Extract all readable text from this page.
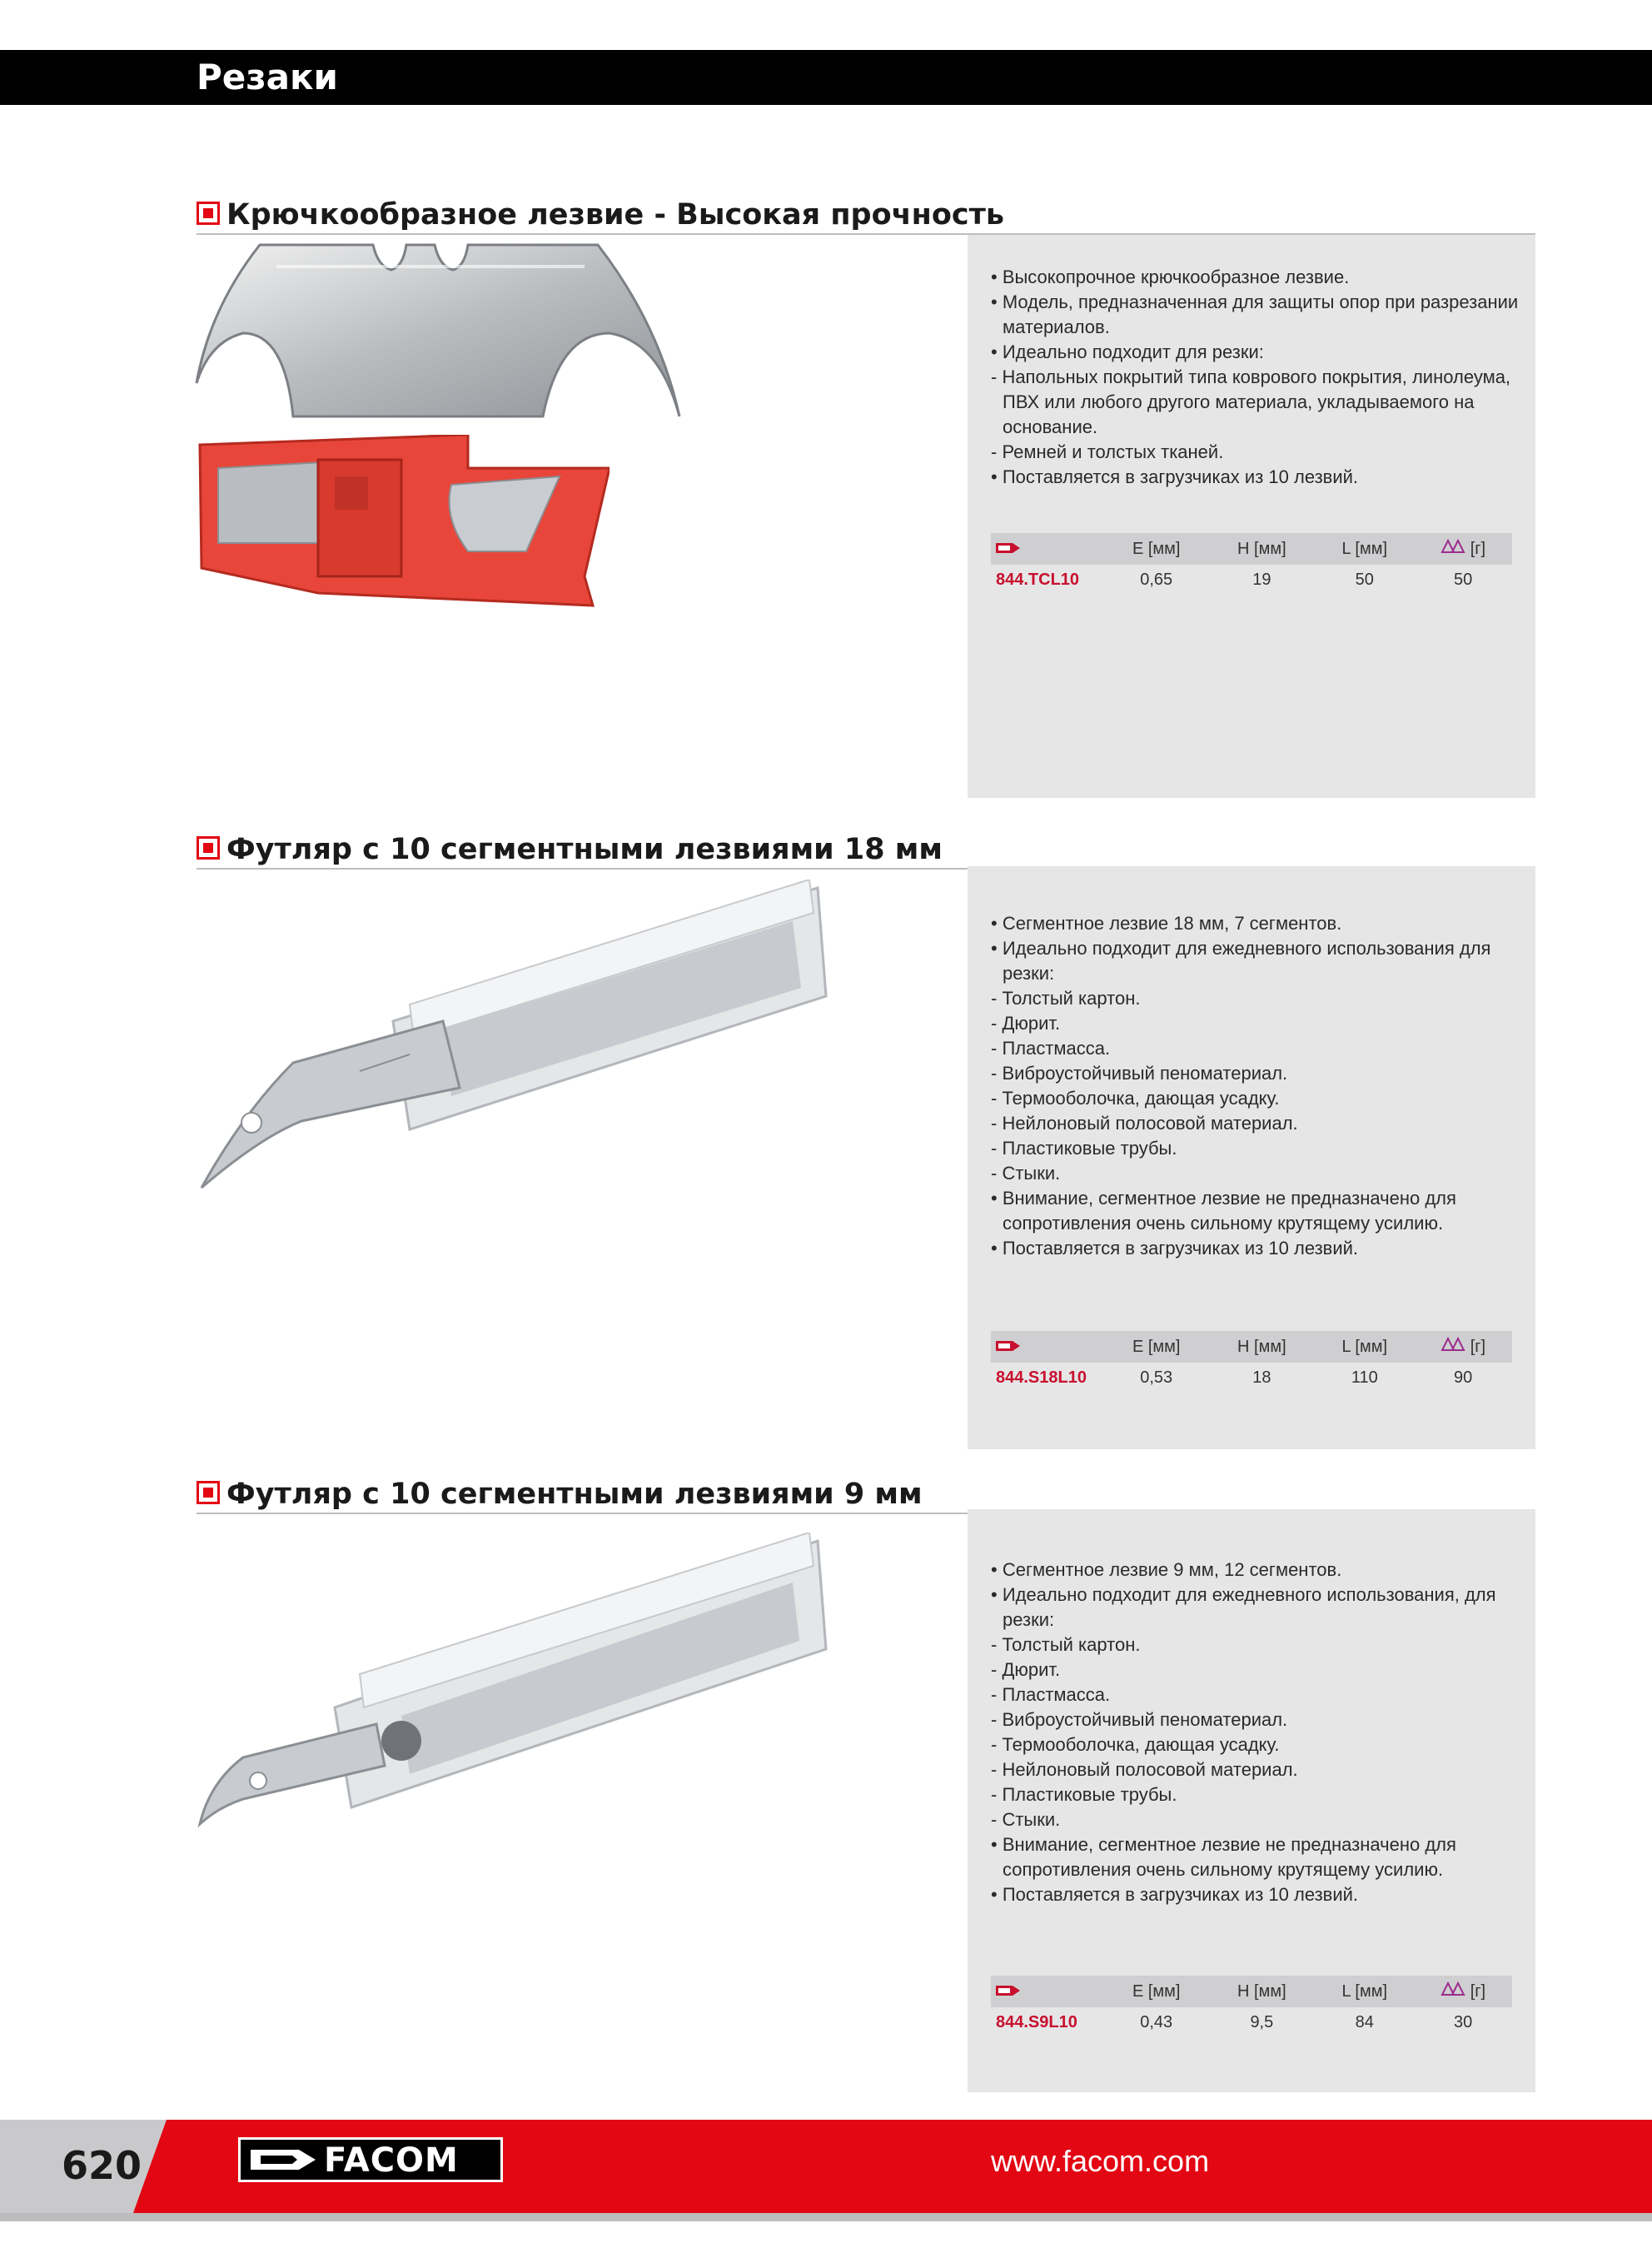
Резаки
Крючкообразное лезвие - Высокая прочность
• Высокопрочное крючкообразное лезвие.
• Модель, предназначенная для защиты опор при разрезании материалов.
• Идеально подходит для резки:
- Напольных покрытий типа коврового покрытия, линолеума, ПВХ или любого другого материала, укладываемого на основание.
- Ремней и толстых тканей.
• Поставляется в загрузчиках из 10 лезвий.
	E [мм]	H [мм]	L [мм]	[г]
844.TCL10	0,65	19	50	50
Футляр с 10 сегментными лезвиями 18 мм
• Сегментное лезвие 18 мм, 7 сегментов.
• Идеально подходит для ежедневного использования для резки:
- Толстый картон.
- Дюрит.
- Пластмасса.
- Виброустойчивый пеноматериал.
- Термооболочка, дающая усадку.
- Нейлоновый полосовой материал.
- Пластиковые трубы.
- Стыки.
• Внимание, сегментное лезвие не предназначено для сопротивления очень сильному крутящему усилию.
• Поставляется в загрузчиках из 10 лезвий.
	E [мм]	H [мм]	L [мм]	[г]
844.S18L10	0,53	18	110	90
Футляр с 10 сегментными лезвиями 9 мм
• Сегментное лезвие 9 мм, 12 сегментов.
• Идеально подходит для ежедневного использования, для резки:
- Толстый картон.
- Дюрит.
- Пластмасса.
- Виброустойчивый пеноматериал.
- Термооболочка, дающая усадку.
- Нейлоновый полосовой материал.
- Пластиковые трубы.
- Стыки.
• Внимание, сегментное лезвие не предназначено для сопротивления очень сильному крутящему усилию.
• Поставляется в загрузчиках из 10 лезвий.
	E [мм]	H [мм]	L [мм]	[г]
844.S9L10	0,43	9,5	84	30
620	FACOM	www.facom.com
